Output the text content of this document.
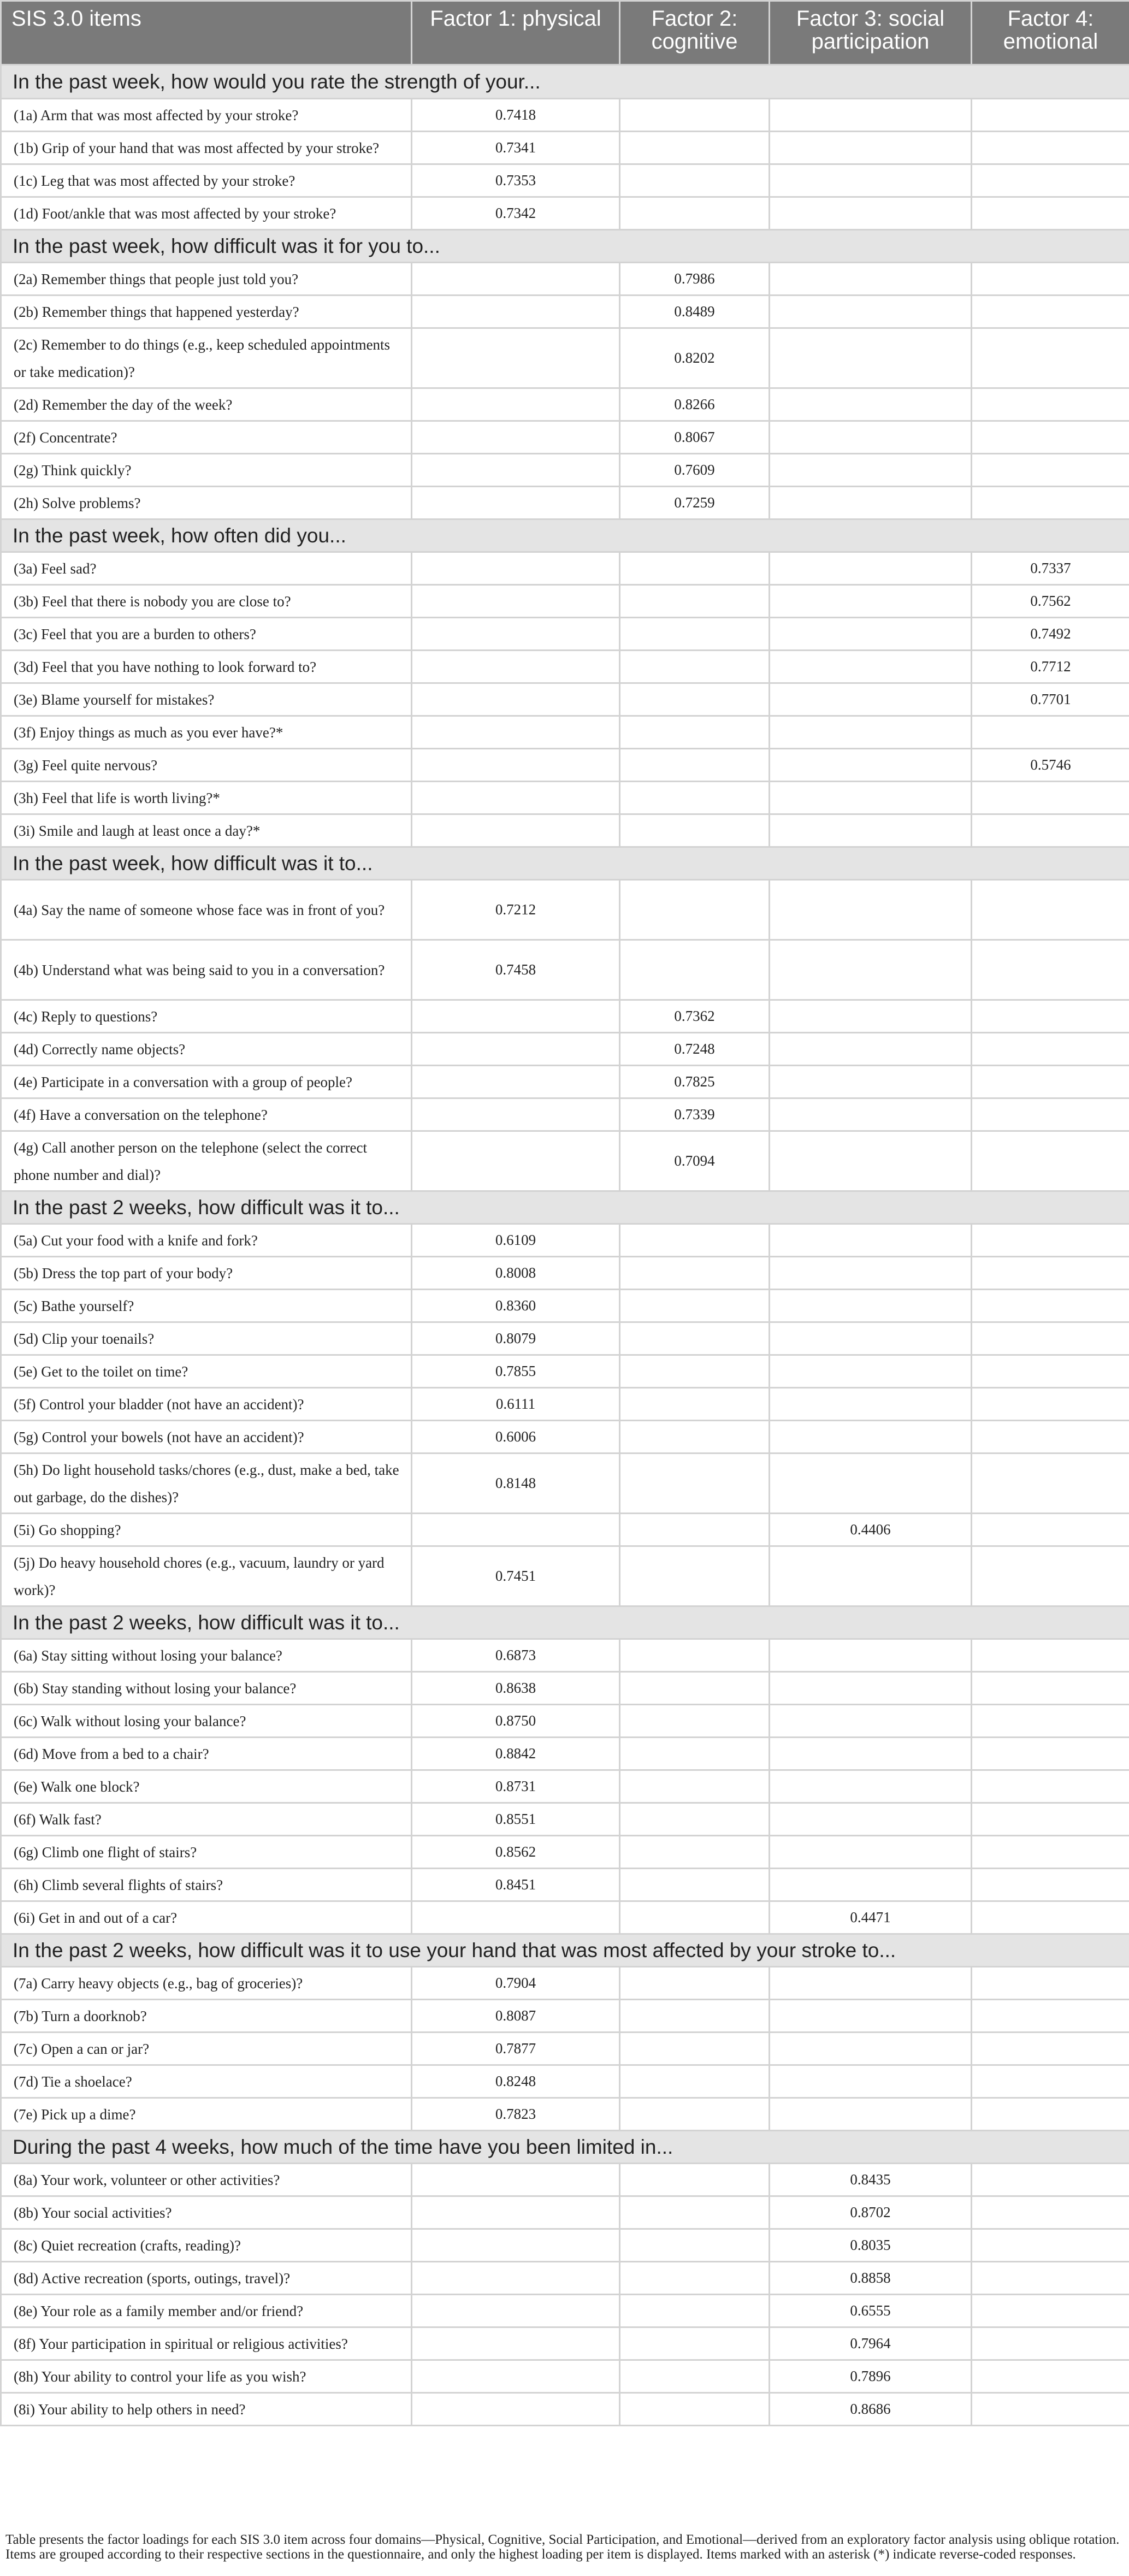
SIS 3.0 items	Factor 1: physical	Factor 2: cognitive	Factor 3: social participation	Factor 4: emotional
In the past week, how would you rate the strength of your...				
(1a) Arm that was most affected by your stroke?	0.7418			
(1b) Grip of your hand that was most affected by your stroke?	0.7341			
(1c) Leg that was most affected by your stroke?	0.7353			
(1d) Foot/ankle that was most affected by your stroke?	0.7342			
In the past week, how difficult was it for you to...				
(2a) Remember things that people just told you?		0.7986		
(2b) Remember things that happened yesterday?		0.8489		
(2c) Remember to do things (e.g., keep scheduled appointments or take medication)?		0.8202		
(2d) Remember the day of the week?		0.8266		
(2f) Concentrate?		0.8067		
(2g) Think quickly?		0.7609		
(2h) Solve problems?		0.7259		
In the past week, how often did you...				
(3a) Feel sad?				0.7337
(3b) Feel that there is nobody you are close to?				0.7562
(3c) Feel that you are a burden to others?				0.7492
(3d) Feel that you have nothing to look forward to?				0.7712
(3e) Blame yourself for mistakes?				0.7701
(3f) Enjoy things as much as you ever have?*				
(3g) Feel quite nervous?				0.5746
(3h) Feel that life is worth living?*				
(3i) Smile and laugh at least once a day?*				
In the past week, how difficult was it to...				
(4a) Say the name of someone whose face was in front of you?	0.7212			
(4b) Understand what was being said to you in a conversation?	0.7458			
(4c) Reply to questions?		0.7362		
(4d) Correctly name objects?		0.7248		
(4e) Participate in a conversation with a group of people?		0.7825		
(4f) Have a conversation on the telephone?		0.7339		
(4g) Call another person on the telephone (select the correct phone number and dial)?		0.7094		
In the past 2 weeks, how difficult was it to...				
(5a) Cut your food with a knife and fork?	0.6109			
(5b) Dress the top part of your body?	0.8008			
(5c) Bathe yourself?	0.8360			
(5d) Clip your toenails?	0.8079			
(5e) Get to the toilet on time?	0.7855			
(5f) Control your bladder (not have an accident)?	0.6111			
(5g) Control your bowels (not have an accident)?	0.6006			
(5h) Do light household tasks/chores (e.g., dust, make a bed, take out garbage, do the dishes)?	0.8148			
(5i) Go shopping?			0.4406	
(5j) Do heavy household chores (e.g., vacuum, laundry or yard work)?	0.7451			
In the past 2 weeks, how difficult was it to...				
(6a) Stay sitting without losing your balance?	0.6873			
(6b) Stay standing without losing your balance?	0.8638			
(6c) Walk without losing your balance?	0.8750			
(6d) Move from a bed to a chair?	0.8842			
(6e) Walk one block?	0.8731			
(6f) Walk fast?	0.8551			
(6g) Climb one flight of stairs?	0.8562			
(6h) Climb several flights of stairs?	0.8451			
(6i) Get in and out of a car?			0.4471	
In the past 2 weeks, how difficult was it to use your hand that was most affected by your stroke to...				
(7a) Carry heavy objects (e.g., bag of groceries)?	0.7904			
(7b) Turn a doorknob?	0.8087			
(7c) Open a can or jar?	0.7877			
(7d) Tie a shoelace?	0.8248			
(7e) Pick up a dime?	0.7823			
During the past 4 weeks, how much of the time have you been limited in...				
(8a) Your work, volunteer or other activities?			0.8435	
(8b) Your social activities?			0.8702	
(8c) Quiet recreation (crafts, reading)?			0.8035	
(8d) Active recreation (sports, outings, travel)?			0.8858	
(8e) Your role as a family member and/or friend?			0.6555	
(8f) Your participation in spiritual or religious activities?			0.7964	
(8h) Your ability to control your life as you wish?			0.7896	
(8i) Your ability to help others in need?			0.8686	
Table presents the factor loadings for each SIS 3.0 item across four domains—Physical, Cognitive, Social Participation, and Emotional—derived from an exploratory factor analysis using oblique rotation. Items are grouped according to their respective sections in the questionnaire, and only the highest loading per item is displayed. Items marked with an asterisk (*) indicate reverse-coded responses.
